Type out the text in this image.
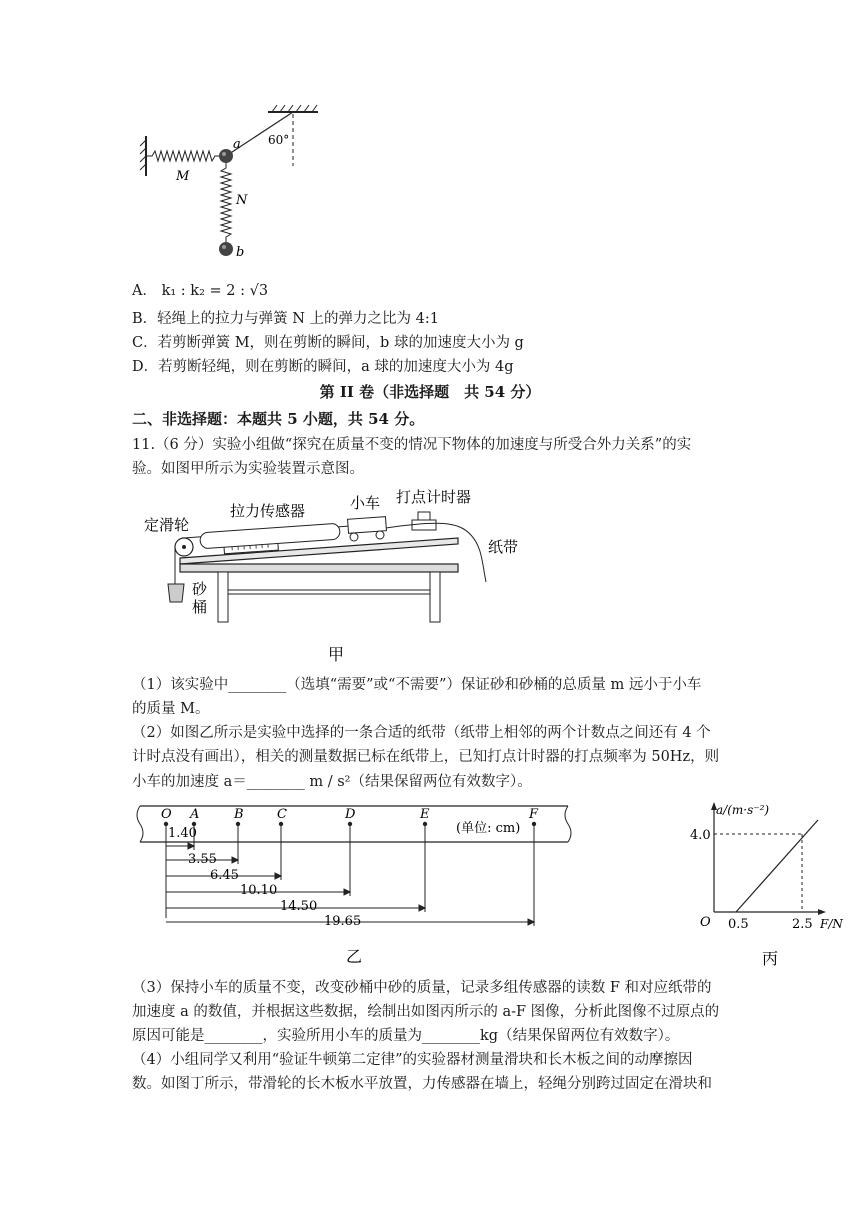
a
b
M
N
60°
A． k₁ : k₂ = 2 : √3
B．轻绳上的拉力与弹簧 N 上的弹力之比为 4:1
C．若剪断弹簧 M，则在剪断的瞬间，b 球的加速度大小为 g
D．若剪断轻绳，则在剪断的瞬间，a 球的加速度大小为 4g
第 II 卷（非选择题　共 54 分）
二、非选择题：本题共 5 小题，共 54 分。
11.（6 分）实验小组做“探究在质量不变的情况下物体的加速度与所受合外力关系”的实
验。如图甲所示为实验装置示意图。
定滑轮
拉力传感器	小车 打点计时器
纸带
砂
桶
甲
（1）该实验中________（选填“需要”或“不需要”）保证砂和砂桶的总质量 m 远小于小车
的质量 M。
（2）如图乙所示是实验中选择的一条合适的纸带（纸带上相邻的两个计数点之间还有 4 个
计时点没有画出），相关的测量数据已标在纸带上，已知打点计时器的打点频率为 50Hz，则
小车的加速度 a＝________ m / s²（结果保留两位有效数字）。
O A	B	C	D	E	F
(单位: cm)
1.40
3.55
6.45
10.10
14.50
19.65
乙
a/(m·s⁻²)
F/N
O
4.0
0.5	2.5
丙
（3）保持小车的质量不变，改变砂桶中砂的质量，记录多组传感器的读数 F 和对应纸带的
加速度 a 的数值，并根据这些数据，绘制出如图丙所示的 a-F 图像，分析此图像不过原点的
原因可能是________，实验所用小车的质量为________kg（结果保留两位有效数字）。
（4）小组同学又利用“验证牛顿第二定律”的实验器材测量滑块和长木板之间的动摩擦因
数。如图丁所示，带滑轮的长木板水平放置，力传感器在墙上，轻绳分别跨过固定在滑块和
